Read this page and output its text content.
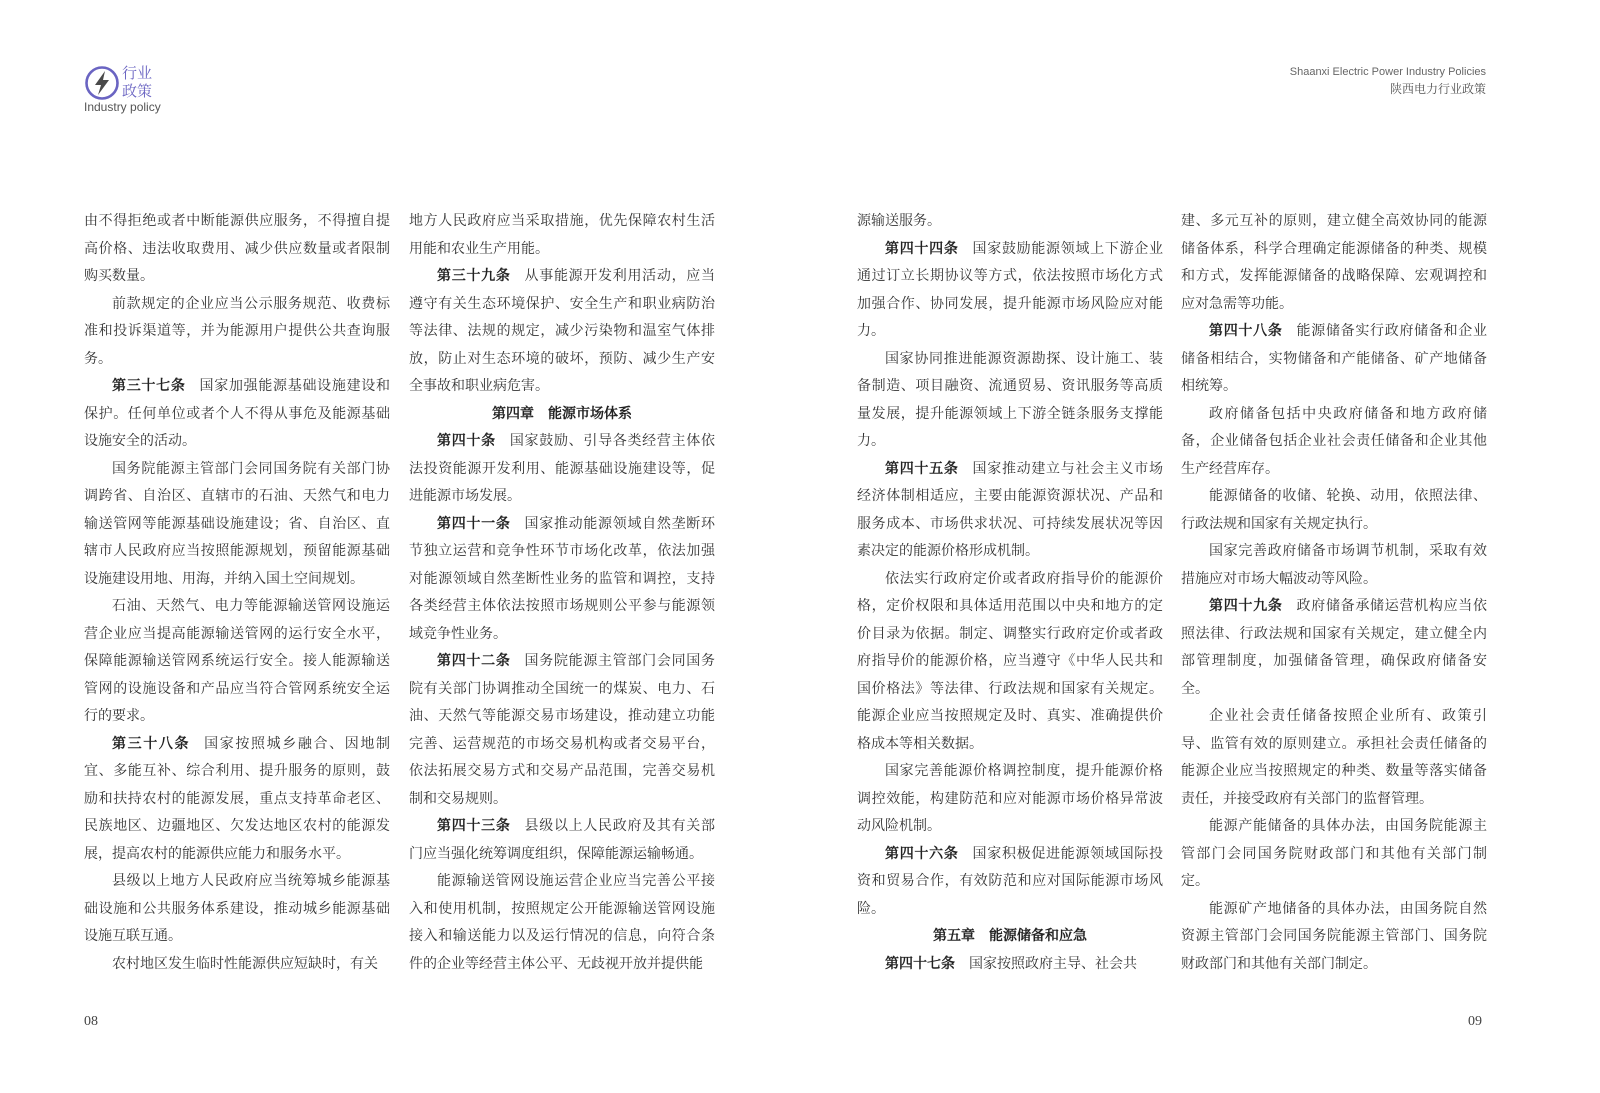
行业
政策
Industry policy
Shaanxi Electric Power Industry Policies
陕西电力行业政策

由不得拒绝或者中断能源供应服务，不得擅自提高价格、违法收取费用、减少供应数量或者限制购买数量。

前款规定的企业应当公示服务规范、收费标准和投诉渠道等，并为能源用户提供公共查询服务。

第三十七条 国家加强能源基础设施建设和保护。任何单位或者个人不得从事危及能源基础设施安全的活动。

国务院能源主管部门会同国务院有关部门协调跨省、自治区、直辖市的石油、天然气和电力输送管网等能源基础设施建设；省、自治区、直辖市人民政府应当按照能源规划，预留能源基础设施建设用地、用海，并纳入国土空间规划。

石油、天然气、电力等能源输送管网设施运营企业应当提高能源输送管网的运行安全水平，保障能源输送管网系统运行安全。接人能源输送管网的设施设备和产品应当符合管网系统安全运行的要求。

第三十八条 国家按照城乡融合、因地制宜、多能互补、综合利用、提升服务的原则，鼓励和扶持农村的能源发展，重点支持革命老区、民族地区、边疆地区、欠发达地区农村的能源发展，提高农村的能源供应能力和服务水平。

县级以上地方人民政府应当统筹城乡能源基础设施和公共服务体系建设，推动城乡能源基础设施互联互通。

农村地区发生临时性能源供应短缺时，有关

地方人民政府应当采取措施，优先保障农村生活用能和农业生产用能。

第三十九条 从事能源开发利用活动，应当遵守有关生态环境保护、安全生产和职业病防治等法律、法规的规定，减少污染物和温室气体排放，防止对生态环境的破坏，预防、减少生产安全事故和职业病危害。

第四章　能源市场体系

第四十条 国家鼓励、引导各类经营主体依法投资能源开发利用、能源基础设施建设等，促进能源市场发展。

第四十一条 国家推动能源领域自然垄断环节独立运营和竞争性环节市场化改革，依法加强对能源领域自然垄断性业务的监管和调控，支持各类经营主体依法按照市场规则公平参与能源领域竞争性业务。

第四十二条 国务院能源主管部门会同国务院有关部门协调推动全国统一的煤炭、电力、石油、天然气等能源交易市场建设，推动建立功能完善、运营规范的市场交易机构或者交易平台，依法拓展交易方式和交易产品范围，完善交易机制和交易规则。

第四十三条 县级以上人民政府及其有关部门应当强化统筹调度组织，保障能源运输畅通。

能源输送管网设施运营企业应当完善公平接入和使用机制，按照规定公开能源输送管网设施接入和输送能力以及运行情况的信息，向符合条件的企业等经营主体公平、无歧视开放并提供能

源输送服务。

第四十四条 国家鼓励能源领域上下游企业通过订立长期协议等方式，依法按照市场化方式加强合作、协同发展，提升能源市场风险应对能力。

国家协同推进能源资源勘探、设计施工、装备制造、项目融资、流通贸易、资讯服务等高质量发展，提升能源领域上下游全链条服务支撑能力。

第四十五条 国家推动建立与社会主义市场经济体制相适应，主要由能源资源状况、产品和服务成本、市场供求状况、可持续发展状况等因素决定的能源价格形成机制。

依法实行政府定价或者政府指导价的能源价格，定价权限和具体适用范围以中央和地方的定价目录为依据。制定、调整实行政府定价或者政府指导价的能源价格，应当遵守《中华人民共和国价格法》等法律、行政法规和国家有关规定。能源企业应当按照规定及时、真实、准确提供价格成本等相关数据。

国家完善能源价格调控制度，提升能源价格调控效能，构建防范和应对能源市场价格异常波动风险机制。

第四十六条 国家积极促进能源领域国际投资和贸易合作，有效防范和应对国际能源市场风险。

第五章　能源储备和应急

第四十七条 国家按照政府主导、社会共

建、多元互补的原则，建立健全高效协同的能源储备体系，科学合理确定能源储备的种类、规模和方式，发挥能源储备的战略保障、宏观调控和应对急需等功能。

第四十八条 能源储备实行政府储备和企业储备相结合，实物储备和产能储备、矿产地储备相统筹。

政府储备包括中央政府储备和地方政府储备，企业储备包括企业社会责任储备和企业其他生产经营库存。

能源储备的收储、轮换、动用，依照法律、行政法规和国家有关规定执行。

国家完善政府储备市场调节机制，采取有效措施应对市场大幅波动等风险。

第四十九条 政府储备承储运营机构应当依照法律、行政法规和国家有关规定，建立健全内部管理制度，加强储备管理，确保政府储备安全。

企业社会责任储备按照企业所有、政策引导、监管有效的原则建立。承担社会责任储备的能源企业应当按照规定的种类、数量等落实储备责任，并接受政府有关部门的监督管理。

能源产能储备的具体办法，由国务院能源主管部门会同国务院财政部门和其他有关部门制定。

能源矿产地储备的具体办法，由国务院自然资源主管部门会同国务院能源主管部门、国务院财政部门和其他有关部门制定。

08	09
